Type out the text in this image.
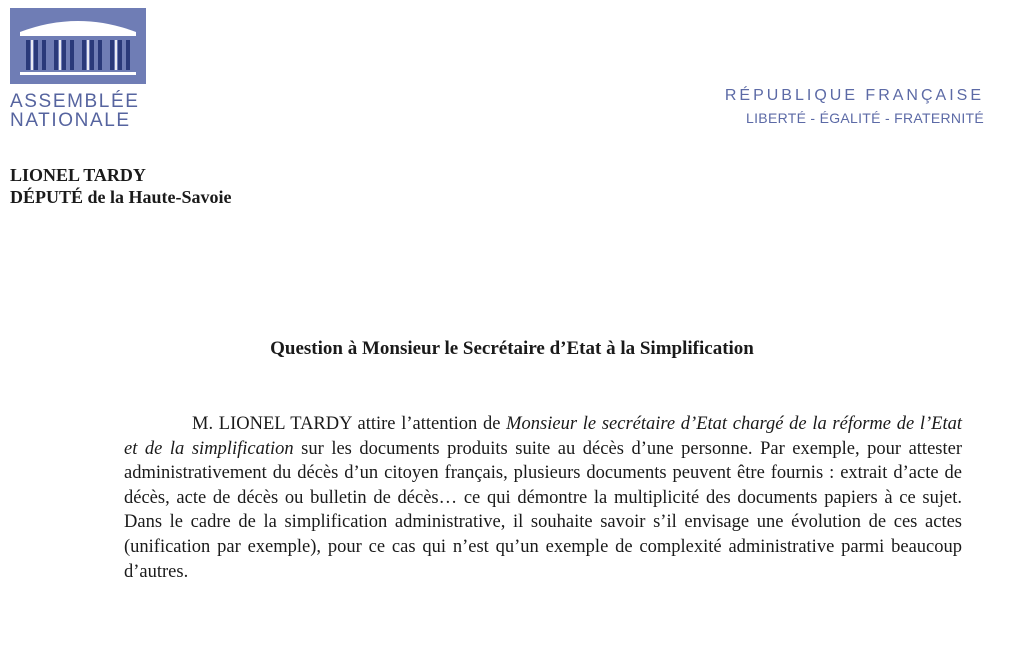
ASSEMBLÉE
NATIONALE
RÉPUBLIQUE FRANÇAISE
LIBERTÉ - ÉGALITÉ - FRATERNITÉ
LIONEL TARDY
DÉPUTÉ de la Haute-Savoie
Question à Monsieur le Secrétaire d’Etat à la Simplification
M. LIONEL TARDY attire l’attention de Monsieur le secrétaire d’Etat chargé de la réforme de l’Etat et de la simplification sur les documents produits suite au décès d’une personne. Par exemple, pour attester administrativement du décès d’un citoyen français, plusieurs documents peuvent être fournis : extrait d’acte de décès, acte de décès ou bulletin de décès… ce qui démontre la multiplicité des documents papiers à ce sujet. Dans le cadre de la simplification administrative, il souhaite savoir s’il envisage une évolution de ces actes (unification par exemple), pour ce cas qui n’est qu’un exemple de complexité administrative parmi beaucoup d’autres.
